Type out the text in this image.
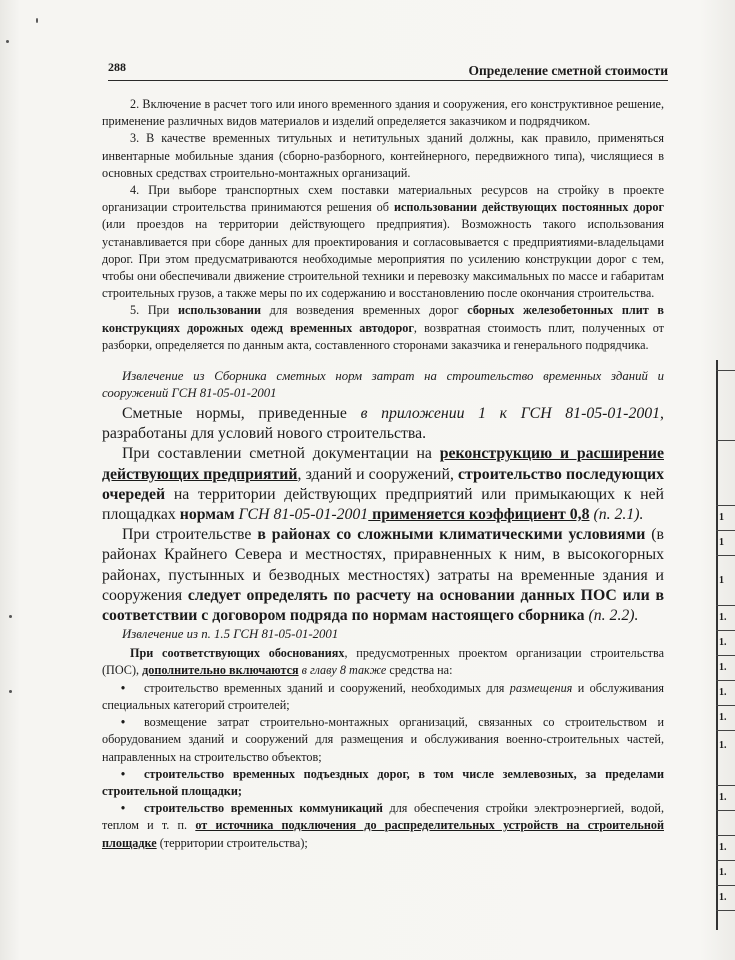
288	Определение сметной стоимости

2. Включение в расчет того или иного временного здания и сооружения, его конструктивное решение, применение различных видов материалов и изделий определяется заказчиком и подрядчиком.

3. В качестве временных титульных и нетитульных зданий должны, как правило, применяться инвентарные мобильные здания (сборно-разборного, контейнерного, передвижного типа), числящиеся в основных средствах строительно-монтажных организаций.

4. При выборе транспортных схем поставки материальных ресурсов на стройку в проекте организации строительства принимаются решения об использовании действующих постоянных дорог (или проездов на территории действующего предприятия). Возможность такого использования устанавливается при сборе данных для проектирования и согласовывается с предприятиями-владельцами дорог. При этом предусматриваются необходимые мероприятия по усилению конструкции дорог с тем, чтобы они обеспечивали движение строительной техники и перевозку максимальных по массе и габаритам строительных грузов, а также меры по их содержанию и восстановлению после окончания строительства.

5. При использовании для возведения временных дорог сборных железобетонных плит в конструкциях дорожных одежд временных автодорог, возвратная стоимость плит, полученных от разборки, определяется по данным акта, составленного сторонами заказчика и генерального подрядчика.

Извлечение из Сборника сметных норм затрат на строительство временных зданий и сооружений ГСН 81-05-01-2001

Сметные нормы, приведенные в приложении 1 к ГСН 81-05-01-2001, разработаны для условий нового строительства.

При составлении сметной документации на реконструкцию и расширение действующих предприятий, зданий и сооружений, строительство последующих очередей на территории действующих предприятий или примыкающих к ней площадках нормам ГСН 81-05-01-2001 применяется коэффициент 0,8 (п. 2.1).

При строительстве в районах со сложными климатическими условиями (в районах Крайнего Севера и местностях, приравненных к ним, в высокогорных районах, пустынных и безводных местностях) затраты на временные здания и сооружения следует определять по расчету на основании данных ПОС или в соответствии с договором подряда по нормам настоящего сборника (п. 2.2).

Извлечение из п. 1.5 ГСН 81-05-01-2001

При соответствующих обоснованиях, предусмотренных проектом организации строительства (ПОС), дополнительно включаются в главу 8 также средства на:

• строительство временных зданий и сооружений, необходимых для размещения и обслуживания специальных категорий строителей;

• возмещение затрат строительно-монтажных организаций, связанных со строительством и оборудованием зданий и сооружений для размещения и обслуживания военно-строительных частей, направленных на строительство объектов;

• строительство временных подъездных дорог, в том числе землевозных, за пределами строительной площадки;

• строительство временных коммуникаций для обеспечения стройки электроэнергией, водой, теплом и т. п. от источника подключения до распределительных устройств на строительной площадке (территории строительства);

1
1
1
1.
1.
1.
1.
1.
1.
1.
1.
1.
1.
